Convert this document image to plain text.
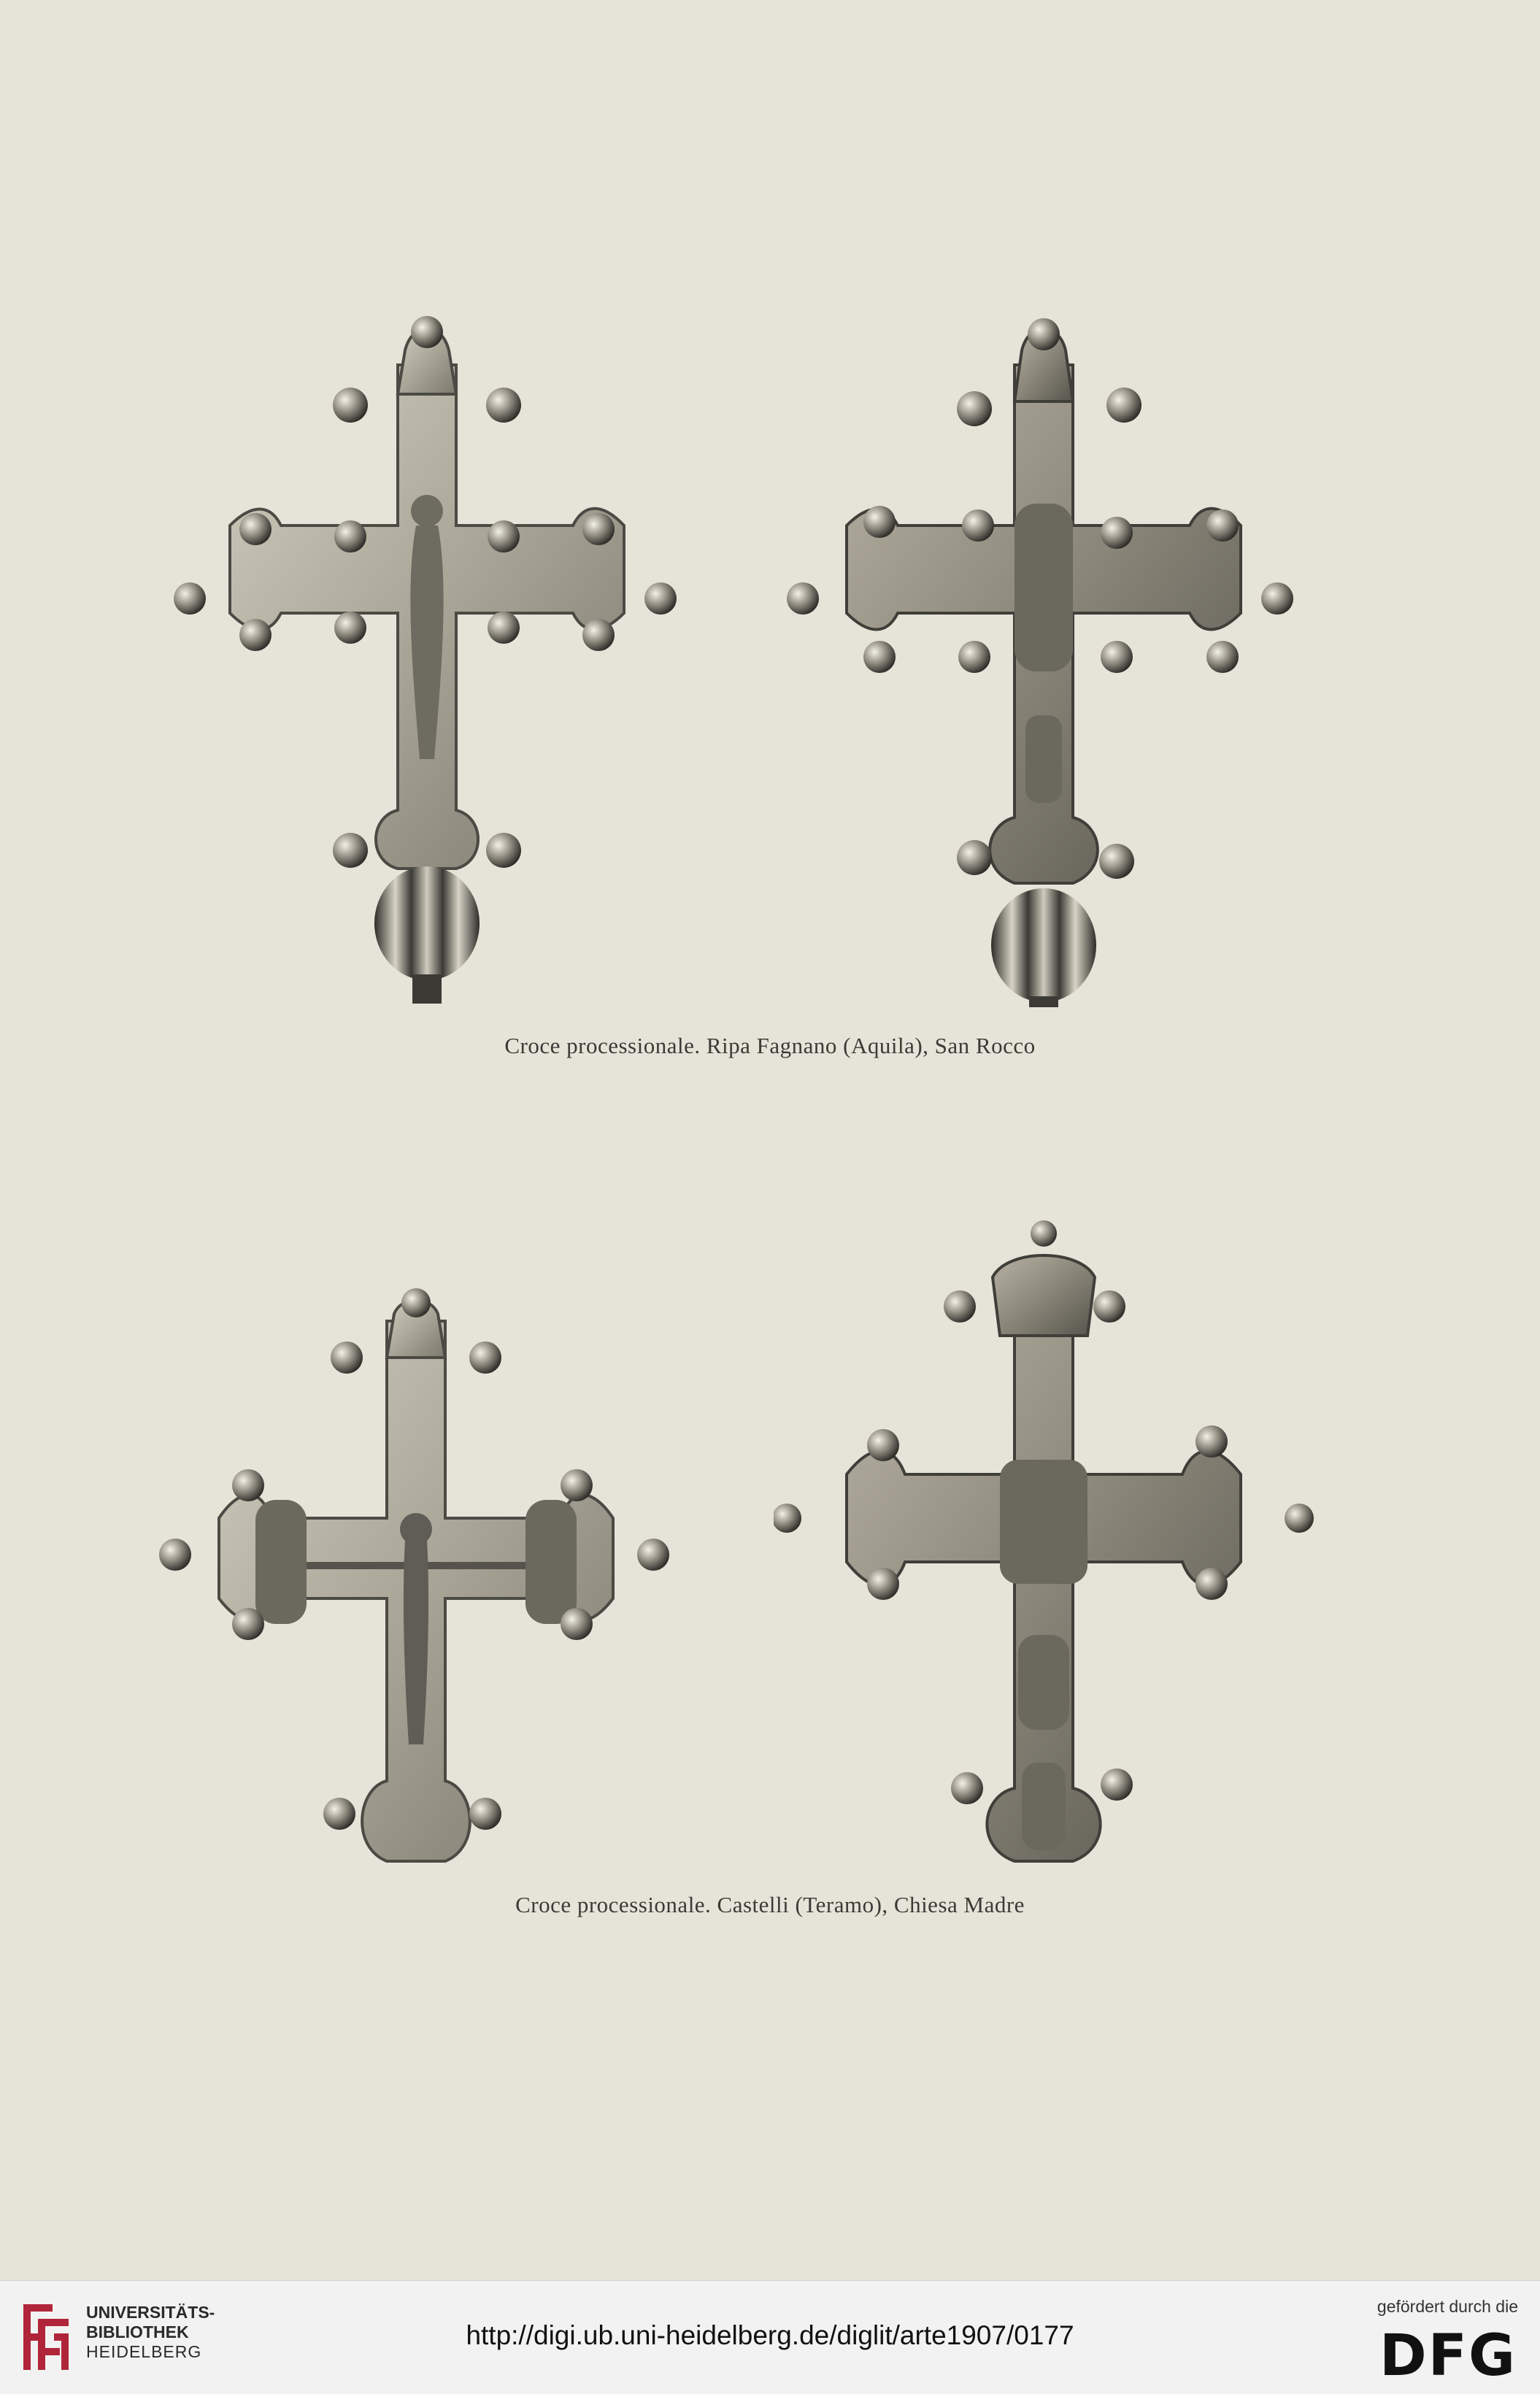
Croce processionale. Ripa Fagnano (Aquila), San Rocco
Croce processionale. Castelli (Teramo), Chiesa Madre
UNIVERSITÄTS-
BIBLIOTHEK
HEIDELBERG
http://digi.ub.uni-heidelberg.de/diglit/arte1907/0177
gefördert durch die
DFG
